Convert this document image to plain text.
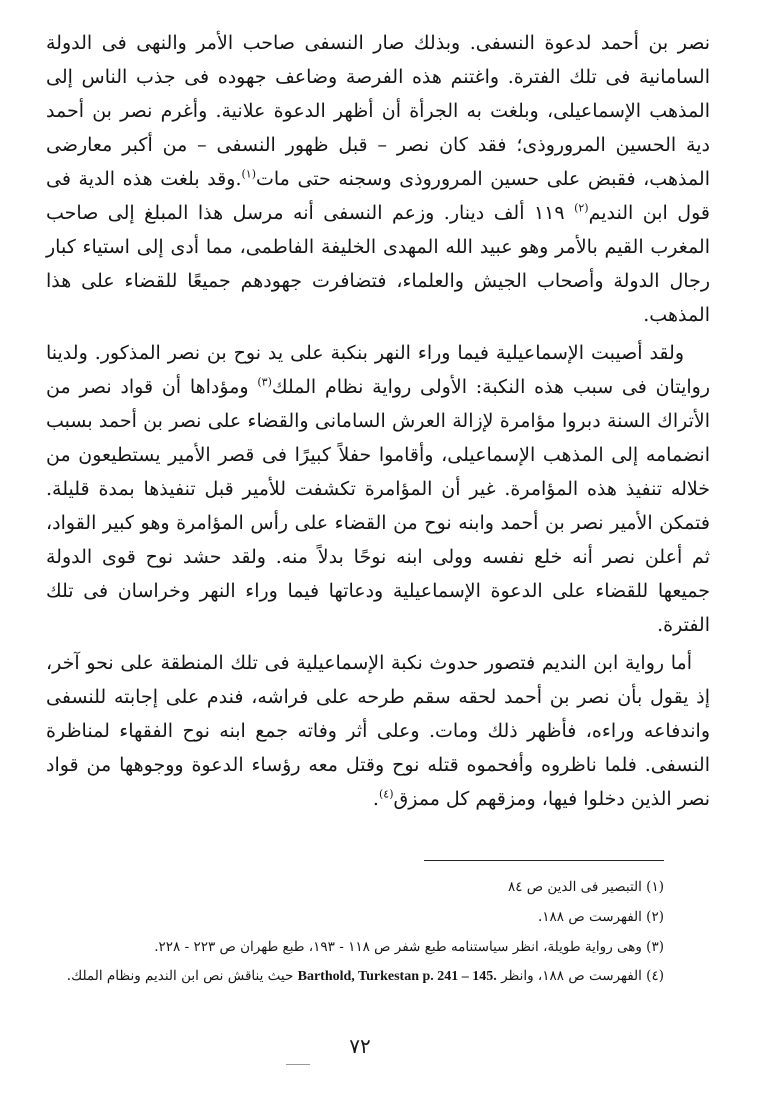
نصر بن أحمد لدعوة النسفى. وبذلك صار النسفى صاحب الأمر والنهى فى الدولة السامانية فى تلك الفترة. واغتنم هذه الفرصة وضاعف جهوده فى جذب الناس إلى المذهب الإسماعيلى، وبلغت به الجرأة أن أظهر الدعوة علانية. وأغرم نصر بن أحمد دية الحسين المروروذى؛ فقد كان نصر – قبل ظهور النسفى – من أكبر معارضى المذهب، فقبض على حسين المروروذى وسجنه حتى مات$^{(١)}$.وقد بلغت هذه الدية فى قول ابن النديم$^{(٢)}$ ١١٩ ألف دينار. وزعم النسفى أنه مرسل هذا المبلغ إلى صاحب المغرب القيم بالأمر وهو عبيد الله المهدى الخليفة الفاطمى، مما أدى إلى استياء كبار رجال الدولة وأصحاب الجيش والعلماء، فتضافرت جهودهم جميعًا للقضاء على هذا المذهب.

ولقد أصيبت الإسماعيلية فيما وراء النهر بنكبة على يد نوح بن نصر المذكور. ولدينا روايتان فى سبب هذه النكبة: الأولى رواية نظام الملك$^{(٣)}$ ومؤداها أن قواد نصر من الأتراك السنة دبروا مؤامرة لإزالة العرش السامانى والقضاء على نصر بن أحمد بسبب انضمامه إلى المذهب الإسماعيلى، وأقاموا حفلاً كبيرًا فى قصر الأمير يستطيعون من خلاله تنفيذ هذه المؤامرة. غير أن المؤامرة تكشفت للأمير قبل تنفيذها بمدة قليلة. فتمكن الأمير نصر بن أحمد وابنه نوح من القضاء على رأس المؤامرة وهو كبير القواد، ثم أعلن نصر أنه خلع نفسه وولى ابنه نوحًا بدلاً منه. ولقد حشد نوح قوى الدولة جميعها للقضاء على الدعوة الإسماعيلية ودعاتها فيما وراء النهر وخراسان فى تلك الفترة.

أما رواية ابن النديم فتصور حدوث نكبة الإسماعيلية فى تلك المنطقة على نحو آخر، إذ يقول بأن نصر بن أحمد لحقه سقم طرحه على فراشه، فندم على إجابته للنسفى واندفاعه وراءه، فأظهر ذلك ومات. وعلى أثر وفاته جمع ابنه نوح الفقهاء لمناظرة النسفى. فلما ناظروه وأفحموه قتله نوح وقتل معه رؤساء الدعوة ووجوهها من قواد نصر الذين دخلوا فيها، ومزقهم كل ممزق$^{(٤)}$.

(١) التبصير فى الدين ص ٨٤

(٢) الفهرست ص ١٨٨.

(٣) وهى رواية طويلة، انظر سياستنامه طبع شفر ص ١١٨ - ١٩٣، طبع طهران ص ٢٢٣ - ٢٢٨.

(٤) الفهرست ص ١٨٨، وانظر Barthold, Turkestan p. 241 – 145. حيث يناقش نص ابن النديم ونظام الملك.

٧٢
